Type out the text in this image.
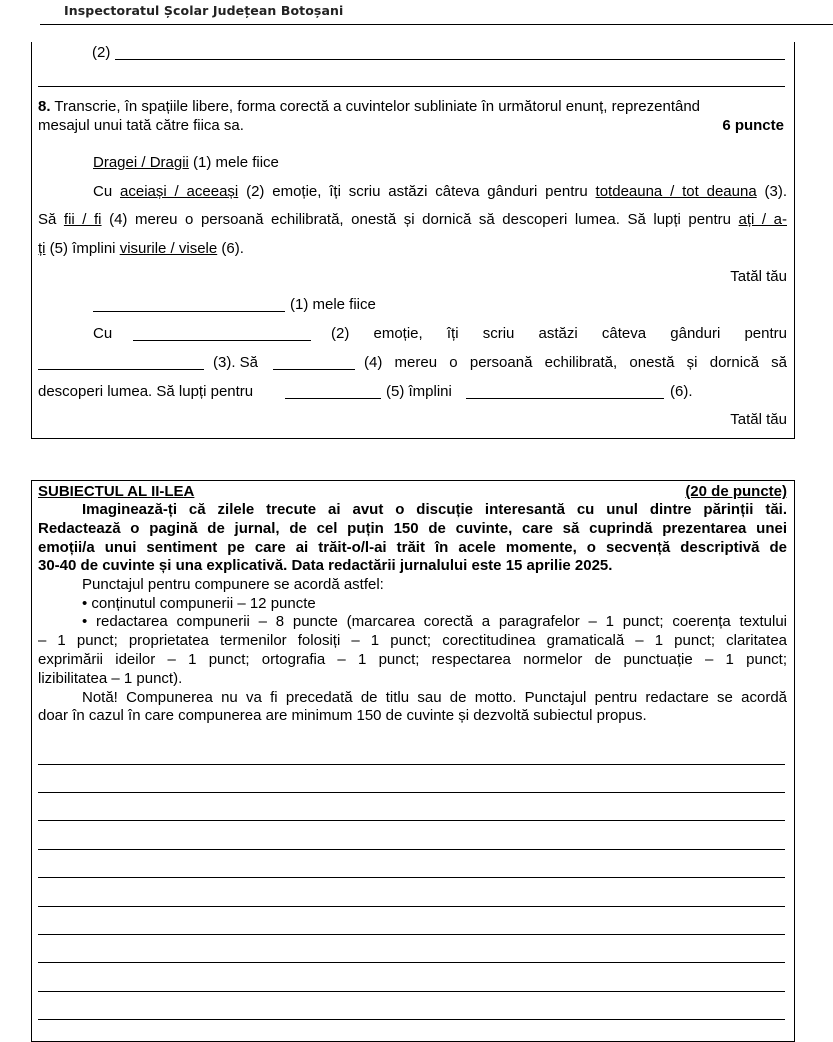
Inspectoratul Școlar Județean Botoșani
(2)
8. Transcrie, în spațiile libere, forma corectă a cuvintelor subliniate în următorul enunț, reprezentând
mesajul unui tată către fiica sa.	6 puncte
Dragei / Dragii (1) mele fiice
Cu aceiași / aceeași (2) emoție, îți scriu astăzi câteva gânduri pentru totdeauna / tot deauna (3).
Să fii / fi (4) mereu o persoană echilibrată, onestă și dornică să descoperi lumea. Să lupți pentru ați / a-
ți (5) împlini visurile / visele (6).
Tatăl tău
(1) mele fiice
Cu	(2) emoție, îți scriu astăzi câteva gânduri pentru
(3). Să	(4) mereu o persoană echilibrată, onestă și dornică să
descoperi lumea. Să lupți pentru	(5) împlini	(6).
Tatăl tău
SUBIECTUL AL II-LEA	(20 de puncte)
Imaginează-ți că zilele trecute ai avut o discuție interesantă cu unul dintre părinții tăi.
Redactează o pagină de jurnal, de cel puțin 150 de cuvinte, care să cuprindă prezentarea unei
emoții/a unui sentiment pe care ai trăit-o/l-ai trăit în acele momente, o secvență descriptivă de
30-40 de cuvinte și una explicativă. Data redactării jurnalului este 15 aprilie 2025.
Punctajul pentru compunere se acordă astfel:
• conținutul compunerii – 12 puncte
• redactarea compunerii – 8 puncte (marcarea corectă a paragrafelor – 1 punct; coerența textului
– 1 punct; proprietatea termenilor folosiți – 1 punct; corectitudinea gramaticală – 1 punct; claritatea
exprimării ideilor – 1 punct; ortografia – 1 punct; respectarea normelor de punctuație – 1 punct;
lizibilitatea – 1 punct).
Notă! Compunerea nu va fi precedată de titlu sau de motto. Punctajul pentru redactare se acordă
doar în cazul în care compunerea are minimum 150 de cuvinte și dezvoltă subiectul propus.
